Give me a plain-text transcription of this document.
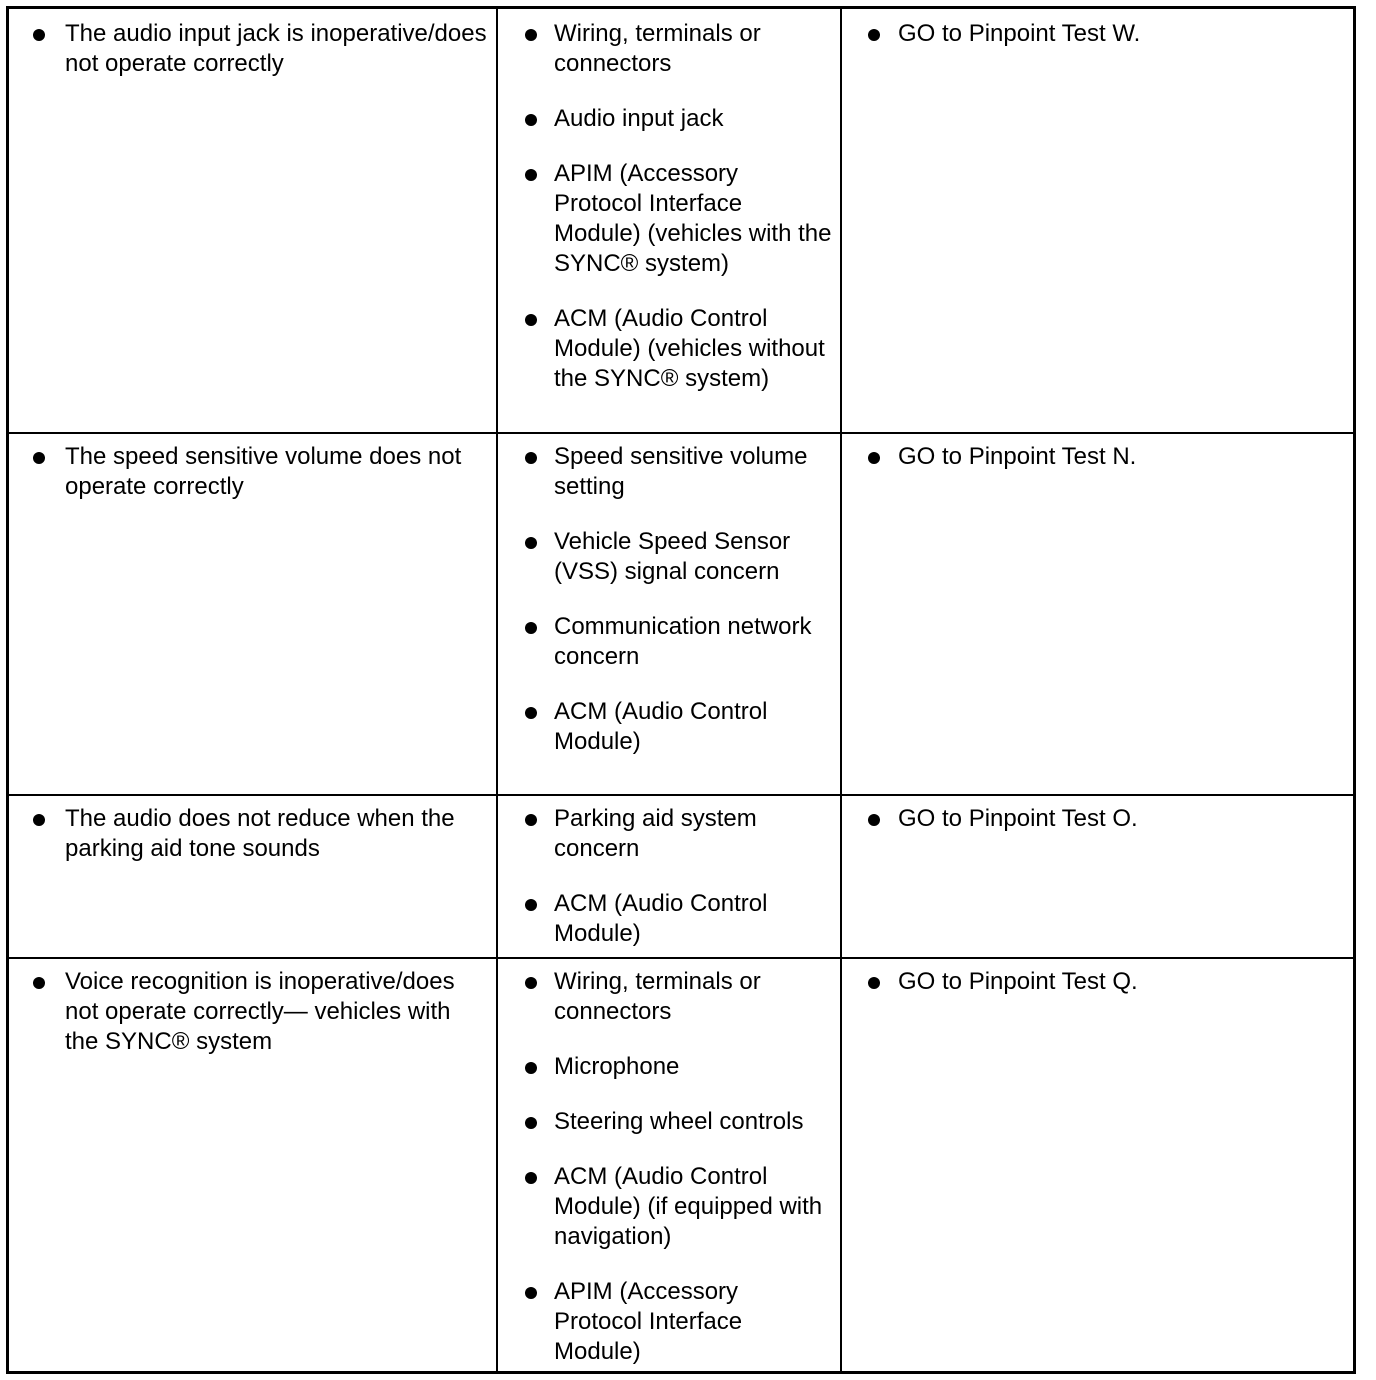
The audio input jack is inoperative/does not operate correctly
Wiring, terminals or connectors
Audio input jack
APIM (Accessory Protocol Interface Module) (vehicles with the SYNC® system)
ACM (Audio Control Module) (vehicles without the SYNC® system)
GO to Pinpoint Test W.
The speed sensitive volume does not operate correctly
Speed sensitive volume setting
Vehicle Speed Sensor (VSS) signal concern
Communication network concern
ACM (Audio Control Module)
GO to Pinpoint Test N.
The audio does not reduce when the parking aid tone sounds
Parking aid system concern
ACM (Audio Control Module)
GO to Pinpoint Test O.
Voice recognition is inoperative/does not operate correctly— vehicles with the SYNC® system
Wiring, terminals or connectors
Microphone
Steering wheel controls
ACM (Audio Control Module) (if equipped with navigation)
APIM (Accessory Protocol Interface Module)
GO to Pinpoint Test Q.
